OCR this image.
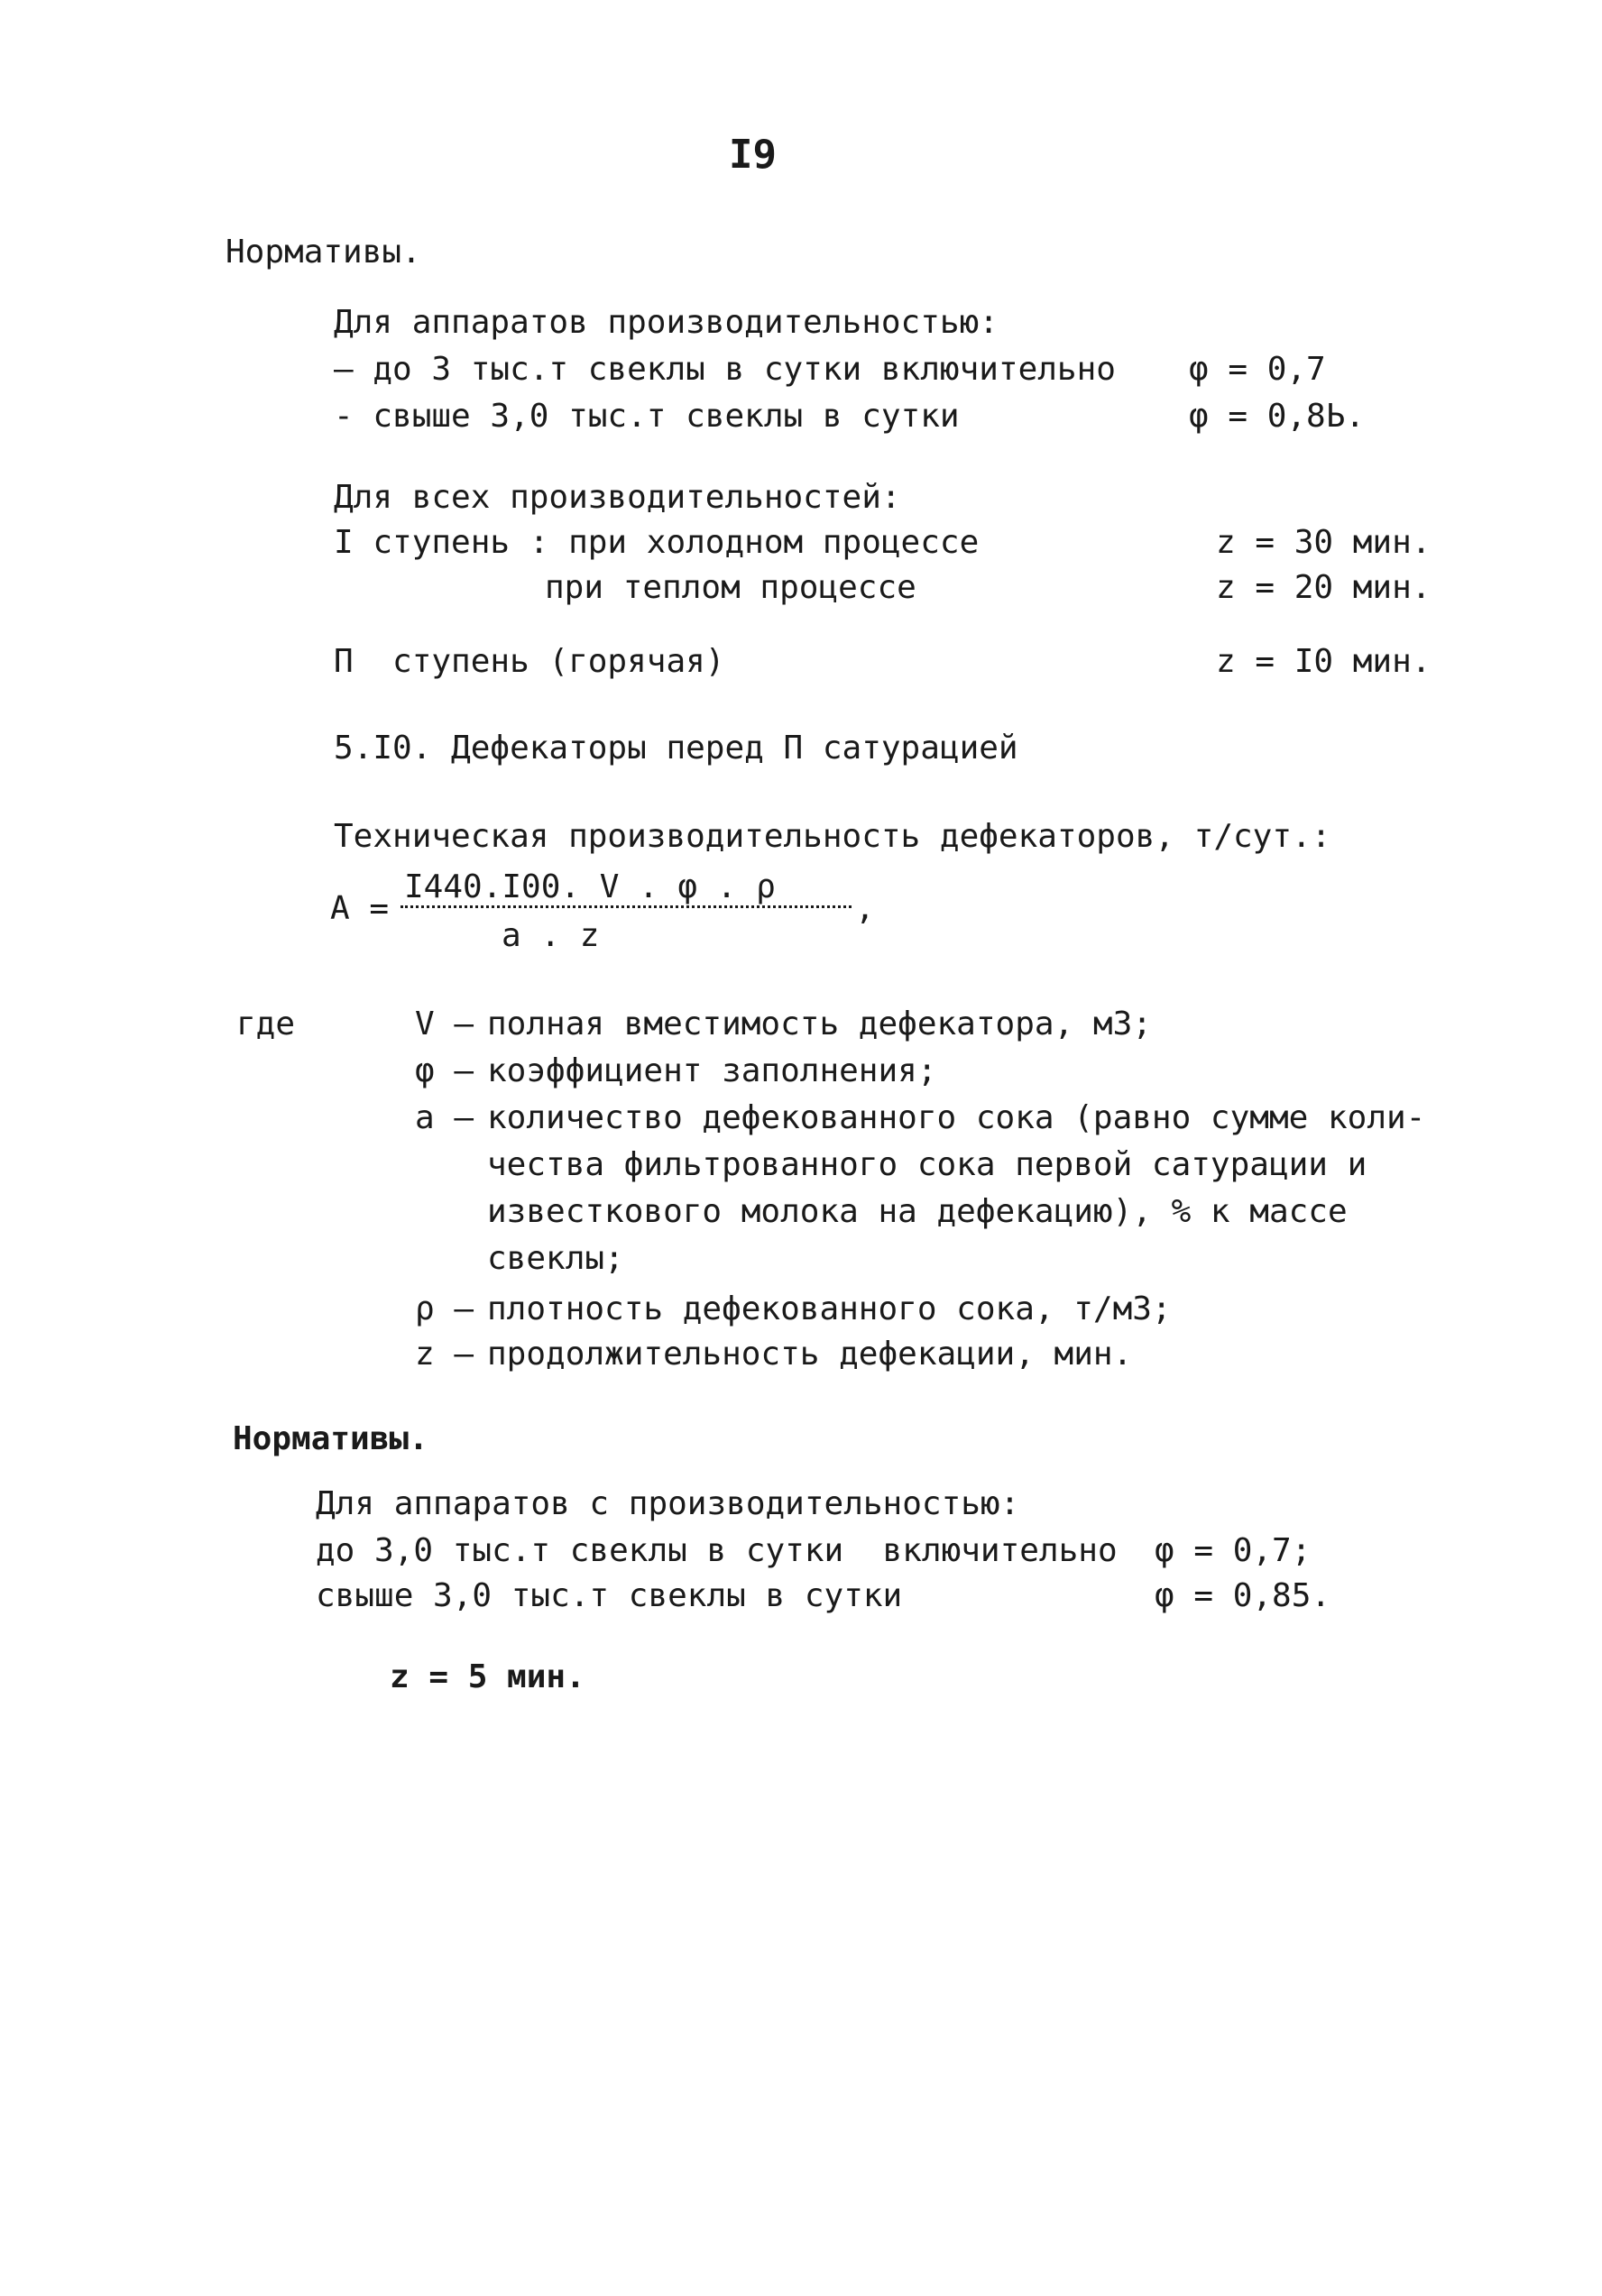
I9
Нормативы.
Для аппаратов производительностью:
– до 3 тыс.т свеклы в сутки включительно φ = 0,7
- свыше 3,0 тыс.т свеклы в сутки	φ = 0,8Ь.
Для всех производительностей:
I ступень : при холодном процессе	z = 30 мин.
при теплом процессе	z = 20 мин.
П  ступень (горячая)	z = I0 мин.
5.I0. Дефекаторы перед П сатурацией
Техническая производительность дефекаторов, т/сут.:
A =
I440.I00. V . φ . ρ
a . z
,
где	V – полная вместимость дефекатора, м3;
φ – коэффициент заполнения;
a – количество дефекованного сока (равно сумме коли-
чества фильтрованного сока первой сатурации и
известкового молока на дефекацию), % к массе
свеклы;
ρ – плотность дефекованного сока, т/м3;
z – продолжительность дефекации, мин.
Нормативы.
Для аппаратов с производительностью:
до 3,0 тыс.т свеклы в сутки  включительно φ = 0,7;
свыше 3,0 тыс.т свеклы в сутки	φ = 0,85.
z = 5 мин.
